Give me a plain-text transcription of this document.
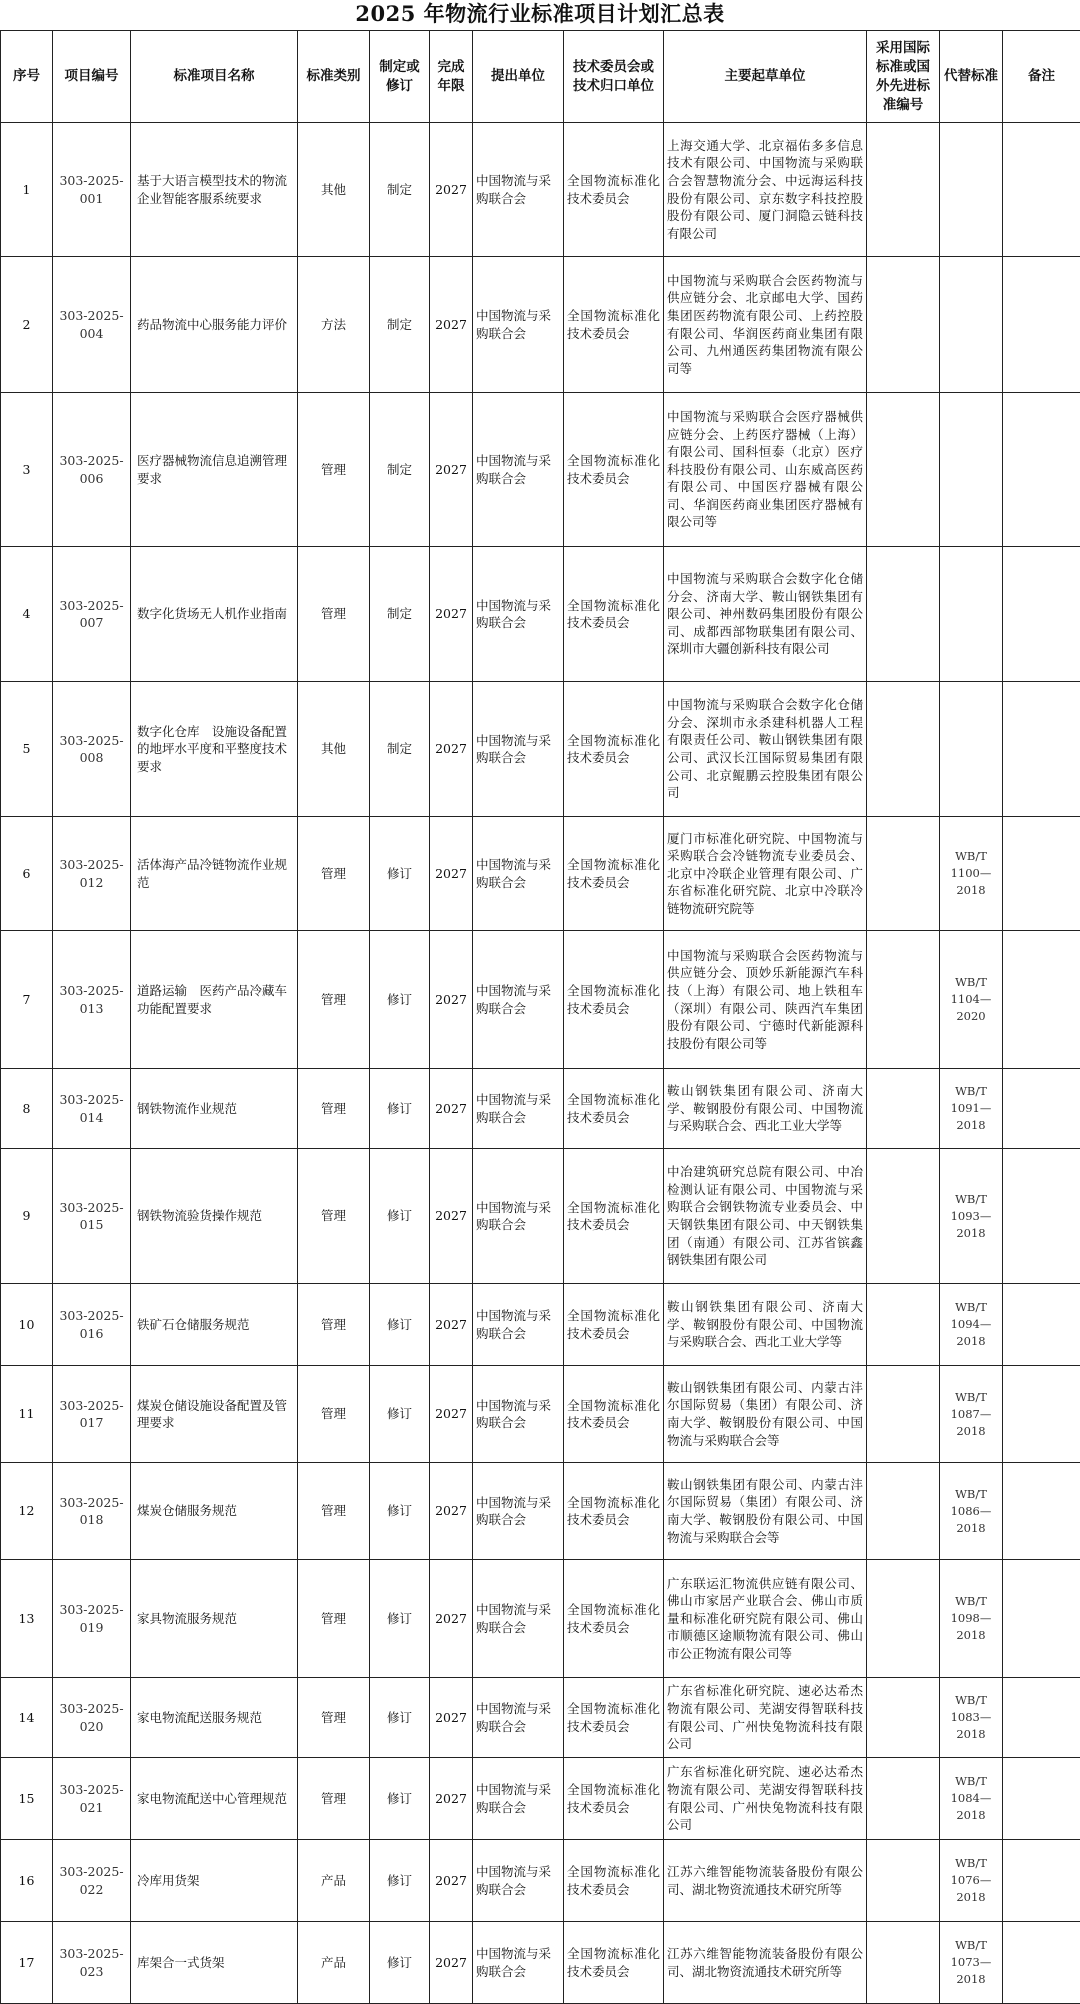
2025 年物流行业标准项目计划汇总表
序号	项目编号	标准项目名称	标准类别	制定或修订	完成年限	提出单位	技术委员会或技术归口单位	主要起草单位	采用国际标准或国外先进标准编号	代替标准	备注
1	303-2025-001	基于大语言模型技术的物流企业智能客服系统要求	其他	制定	2027	中国物流与采购联合会	全国物流标准化技术委员会	上海交通大学、北京福佑多多信息技术有限公司、中国物流与采购联合会智慧物流分会、中远海运科技股份有限公司、京东数字科技控股股份有限公司、厦门洞隐云链科技有限公司			
2	303-2025-004	药品物流中心服务能力评价	方法	制定	2027	中国物流与采购联合会	全国物流标准化技术委员会	中国物流与采购联合会医药物流与供应链分会、北京邮电大学、国药集团医药物流有限公司、上药控股有限公司、华润医药商业集团有限公司、九州通医药集团物流有限公司等			
3	303-2025-006	医疗器械物流信息追溯管理要求	管理	制定	2027	中国物流与采购联合会	全国物流标准化技术委员会	中国物流与采购联合会医疗器械供应链分会、上药医疗器械（上海）有限公司、国科恒泰（北京）医疗科技股份有限公司、山东威高医药有限公司、中国医疗器械有限公司、华润医药商业集团医疗器械有限公司等			
4	303-2025-007	数字化货场无人机作业指南	管理	制定	2027	中国物流与采购联合会	全国物流标准化技术委员会	中国物流与采购联合会数字化仓储分会、济南大学、鞍山钢铁集团有限公司、神州数码集团股份有限公司、成都西部物联集团有限公司、深圳市大疆创新科技有限公司			
5	303-2025-008	数字化仓库　设施设备配置的地坪水平度和平整度技术要求	其他	制定	2027	中国物流与采购联合会	全国物流标准化技术委员会	中国物流与采购联合会数字化仓储分会、深圳市永杀建科机器人工程有限责任公司、鞍山钢铁集团有限公司、武汉长江国际贸易集团有限公司、北京鲲鹏云控股集团有限公司			
6	303-2025-012	活体海产品冷链物流作业规范	管理	修订	2027	中国物流与采购联合会	全国物流标准化技术委员会	厦门市标准化研究院、中国物流与采购联合会冷链物流专业委员会、北京中冷联企业管理有限公司、广东省标准化研究院、北京中冷联冷链物流研究院等		WB/T 1100—2018	
7	303-2025-013	道路运输　医药产品冷藏车功能配置要求	管理	修订	2027	中国物流与采购联合会	全国物流标准化技术委员会	中国物流与采购联合会医药物流与供应链分会、顶妙乐新能源汽车科技（上海）有限公司、地上铁租车（深圳）有限公司、陕西汽车集团股份有限公司、宁德时代新能源科技股份有限公司等		WB/T 1104—2020	
8	303-2025-014	钢铁物流作业规范	管理	修订	2027	中国物流与采购联合会	全国物流标准化技术委员会	鞍山钢铁集团有限公司、济南大学、鞍钢股份有限公司、中国物流与采购联合会、西北工业大学等		WB/T 1091—2018	
9	303-2025-015	钢铁物流验货操作规范	管理	修订	2027	中国物流与采购联合会	全国物流标准化技术委员会	中冶建筑研究总院有限公司、中冶检测认证有限公司、中国物流与采购联合会钢铁物流专业委员会、中天钢铁集团有限公司、中天钢铁集团（南通）有限公司、江苏省镔鑫钢铁集团有限公司		WB/T 1093—2018	
10	303-2025-016	铁矿石仓储服务规范	管理	修订	2027	中国物流与采购联合会	全国物流标准化技术委员会	鞍山钢铁集团有限公司、济南大学、鞍钢股份有限公司、中国物流与采购联合会、西北工业大学等		WB/T 1094—2018	
11	303-2025-017	煤炭仓储设施设备配置及管理要求	管理	修订	2027	中国物流与采购联合会	全国物流标准化技术委员会	鞍山钢铁集团有限公司、内蒙古沣尔国际贸易（集团）有限公司、济南大学、鞍钢股份有限公司、中国物流与采购联合会等		WB/T 1087—2018	
12	303-2025-018	煤炭仓储服务规范	管理	修订	2027	中国物流与采购联合会	全国物流标准化技术委员会	鞍山钢铁集团有限公司、内蒙古沣尔国际贸易（集团）有限公司、济南大学、鞍钢股份有限公司、中国物流与采购联合会等		WB/T 1086—2018	
13	303-2025-019	家具物流服务规范	管理	修订	2027	中国物流与采购联合会	全国物流标准化技术委员会	广东联运汇物流供应链有限公司、佛山市家居产业联合会、佛山市质量和标准化研究院有限公司、佛山市顺德区途顺物流有限公司、佛山市公正物流有限公司等		WB/T 1098—2018	
14	303-2025-020	家电物流配送服务规范	管理	修订	2027	中国物流与采购联合会	全国物流标准化技术委员会	广东省标准化研究院、速必达希杰物流有限公司、芜湖安得智联科技有限公司、广州快兔物流科技有限公司		WB/T 1083—2018	
15	303-2025-021	家电物流配送中心管理规范	管理	修订	2027	中国物流与采购联合会	全国物流标准化技术委员会	广东省标准化研究院、速必达希杰物流有限公司、芜湖安得智联科技有限公司、广州快兔物流科技有限公司		WB/T 1084—2018	
16	303-2025-022	冷库用货架	产品	修订	2027	中国物流与采购联合会	全国物流标准化技术委员会	江苏六维智能物流装备股份有限公司、湖北物资流通技术研究所等		WB/T 1076—2018	
17	303-2025-023	库架合一式货架	产品	修订	2027	中国物流与采购联合会	全国物流标准化技术委员会	江苏六维智能物流装备股份有限公司、湖北物资流通技术研究所等		WB/T 1073—2018	
